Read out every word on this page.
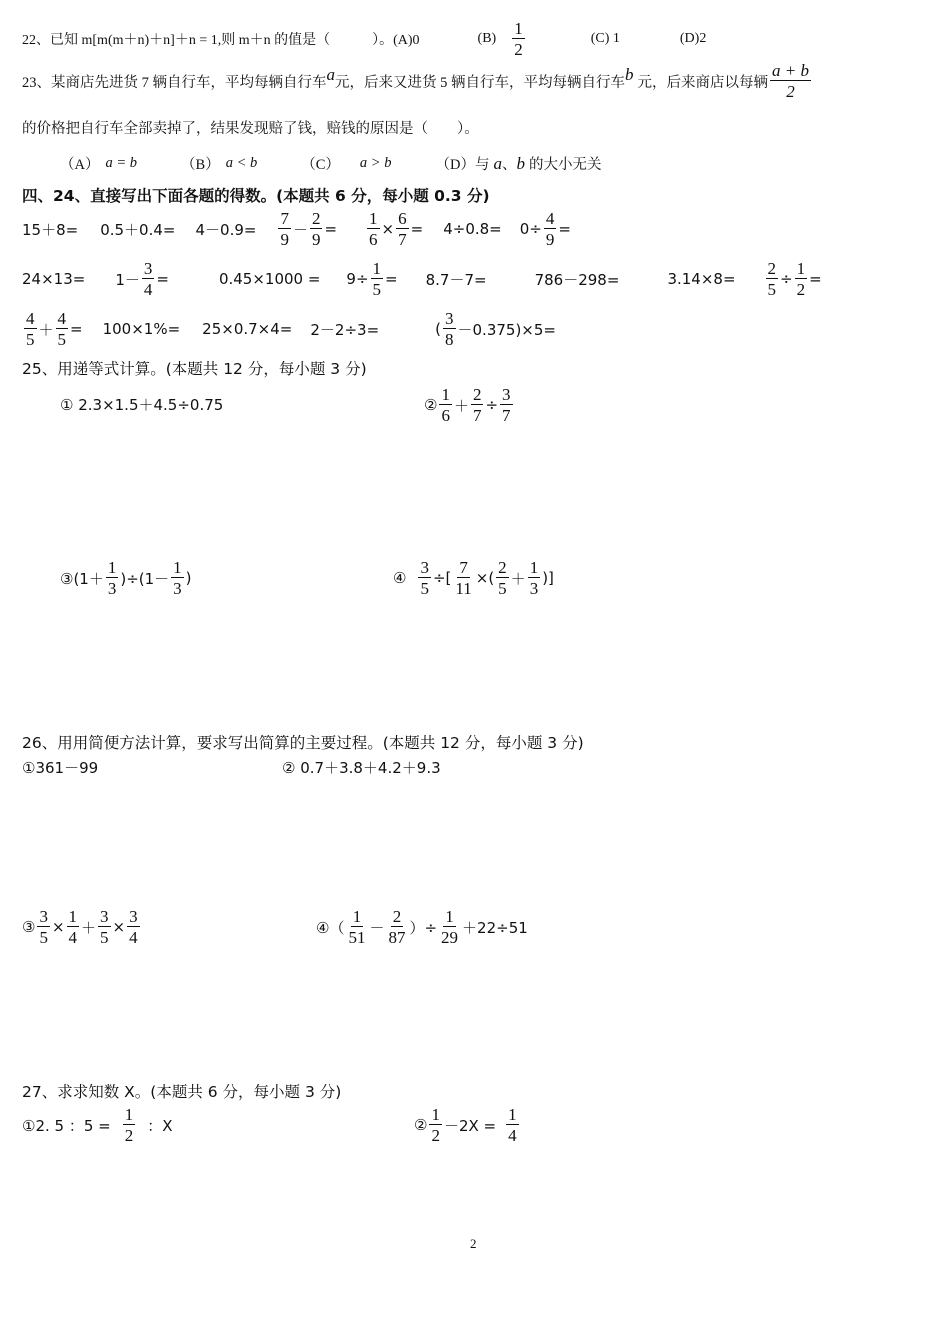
22、已知 m[m(m＋n)＋n]＋n = 1,则 m＋n 的值是（　　　）。(A)0	$(B) \frac{1}{2}$	(C) 1	(D)2
23、某商店先进货 7 辆自行车，平均每辆自行车 a 元，后来又进货 5 辆自行车，平均每辆自行车 b 元，后来商店以每辆 $\frac{a + b}{2}$
的价格把自行车全部卖掉了，结果发现赔了钱，赔钱的原因是（　　）。
（A） a = b	（B） a < b	（C） a > b	（D）与 a 、 b 的大小无关
四、24、直接写出下面各题的得数。(本题共 6 分，每小题 0.3 分)
$15+8= 0.5+0.4= 4-0.9= \frac{7}{9} - \frac{2}{9} = \frac{1}{6} \times \frac{6}{7} = 4\div 0.8= 0\div \frac{4}{9}$ =
$24\times 13= 1- \frac{3}{4}$ =	$0.45\times 1000 = 9\div \frac{1}{5} = 8.7-7=$	786－298=	$3.14\times 8= \frac{2}{5} \div \frac{1}{2}$ =
$\frac{4}{5} + \frac{4}{5} = 100\times 1\%= 25\times 0.7\times 4= 2-2\div 3=$	( $\frac{3}{8} -0.375)\times 5=$
25、用递等式计算。(本题共 12 分，每小题 3 分)
① 2.3×1.5＋4.5÷0.75	② $\frac{1}{6} + \frac{2}{7} \div \frac{3}{7}$
③(1＋ $\frac{1}{3} )\div(1- \frac{1}{3}$ )	④ $\frac{3}{5}$ ÷[ $\frac{7}{11}$ ×( $\frac{2}{5} + \frac{1}{3}$ )]
26、用用简便方法计算，要求写出简算的主要过程。(本题共 12 分，每小题 3 分)
①361－99	② 0.7＋3.8＋4.2＋9.3
③ $\frac{3}{5} \times \frac{1}{4} + \frac{3}{5} \times \frac{3}{4}$	④（ $\frac{1}{51} - \frac{2}{87}$ ）÷ $\frac{1}{29} +22\div 51$
27、求求知数 X。(本题共 6 分，每小题 3 分)
①2. 5 ：$5 = \frac{1}{2}$ ：X	② $\frac{1}{2} -2X = \frac{1}{4}$
2
